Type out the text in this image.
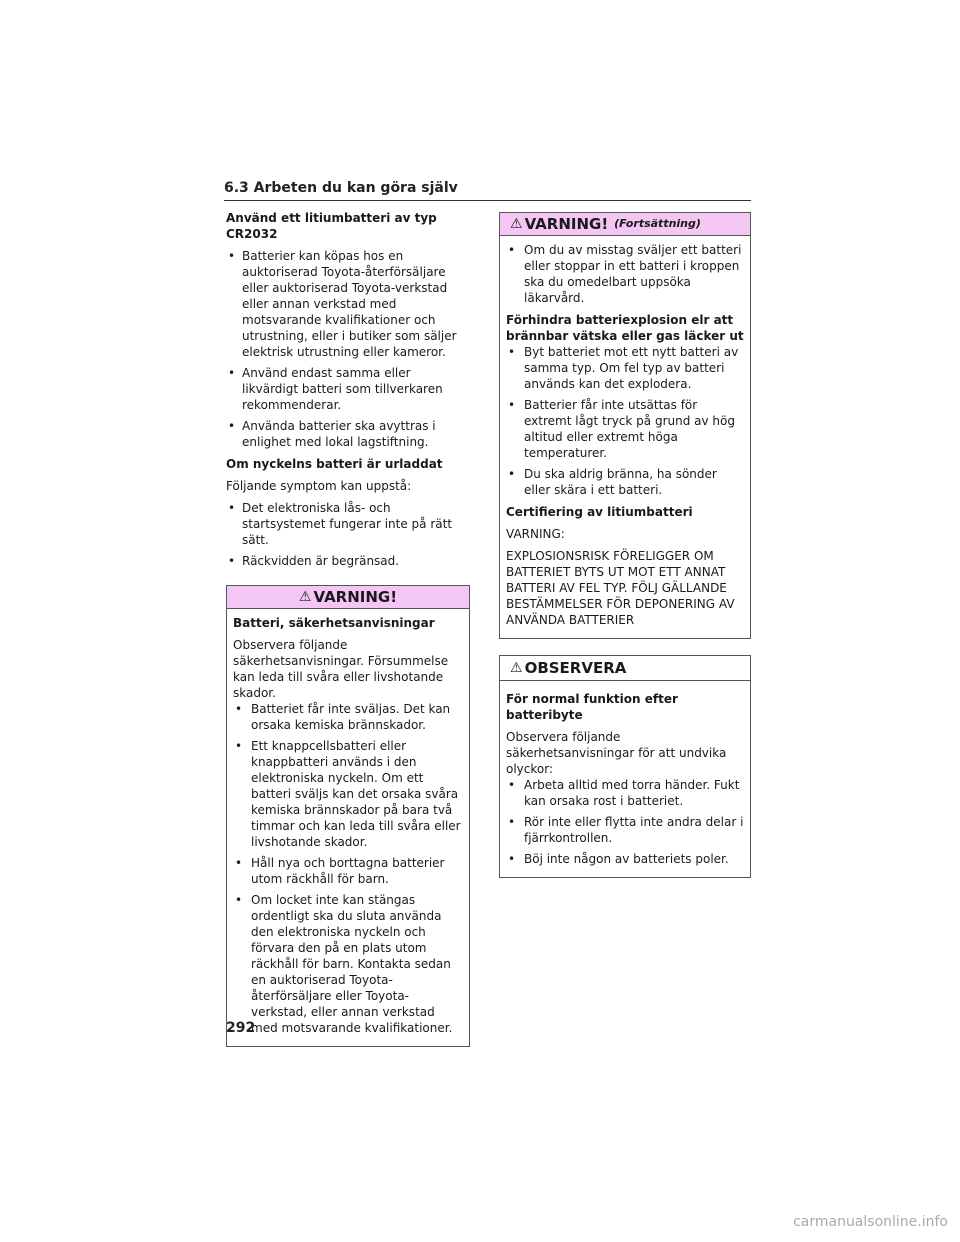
6.3 Arbeten du kan göra själv
Använd ett litiumbatteri av typ CR2032
• Batterier kan köpas hos en auktoriserad Toyota-återförsäljare eller auktoriserad Toyota-verkstad eller annan verkstad med motsvarande kvalifikationer och utrustning, eller i butiker som säljer elektrisk utrustning eller kameror.
• Använd endast samma eller likvärdigt batteri som tillverkaren rekommenderar.
• Använda batterier ska avyttras i enlighet med lokal lagstiftning.
Om nyckelns batteri är urladdat

Följande symptom kan uppstå:

• Det elektroniska lås- och startsystemet fungerar inte på rätt sätt.
• Räckvidden är begränsad.
⚠ VARNING!
Batteri, säkerhetsanvisningar

Observera följande säkerhetsanvisningar. Försummelse kan leda till svåra eller livshotande skador.

• Batteriet får inte sväljas. Det kan orsaka kemiska brännskador.
• Ett knappcellsbatteri eller knappbatteri används i den elektroniska nyckeln. Om ett batteri sväljs kan det orsaka svåra kemiska brännskador på bara två timmar och kan leda till svåra eller livshotande skador.
• Håll nya och borttagna batterier utom räckhåll för barn.
• Om locket inte kan stängas ordentligt ska du sluta använda den elektroniska nyckeln och förvara den på en plats utom räckhåll för barn. Kontakta sedan en auktoriserad Toyota-återförsäljare eller Toyota-verkstad, eller annan verkstad med motsvarande kvalifikationer.
⚠ VARNING! (Fortsättning)
• Om du av misstag sväljer ett batteri eller stoppar in ett batteri i kroppen ska du omedelbart uppsöka läkarvård.
Förhindra batteriexplosion elr att brännbar vätska eller gas läcker ut
• Byt batteriet mot ett nytt batteri av samma typ. Om fel typ av batteri används kan det explodera.
• Batterier får inte utsättas för extremt lågt tryck på grund av hög altitud eller extremt höga temperaturer.
• Du ska aldrig bränna, ha sönder eller skära i ett batteri.
Certifiering av litiumbatteri

VARNING:

EXPLOSIONSRISK FÖRELIGGER OM BATTERIET BYTS UT MOT ETT ANNAT BATTERI AV FEL TYP. FÖLJ GÄLLANDE BESTÄMMELSER FÖR DEPONERING AV ANVÄNDA BATTERIER

⚠ OBSERVERA
För normal funktion efter batteribyte

Observera följande säkerhetsanvisningar för att undvika olyckor:

• Arbeta alltid med torra händer. Fukt kan orsaka rost i batteriet.
• Rör inte eller flytta inte andra delar i fjärrkontrollen.
• Böj inte någon av batteriets poler.
292
carmanualsonline.info
